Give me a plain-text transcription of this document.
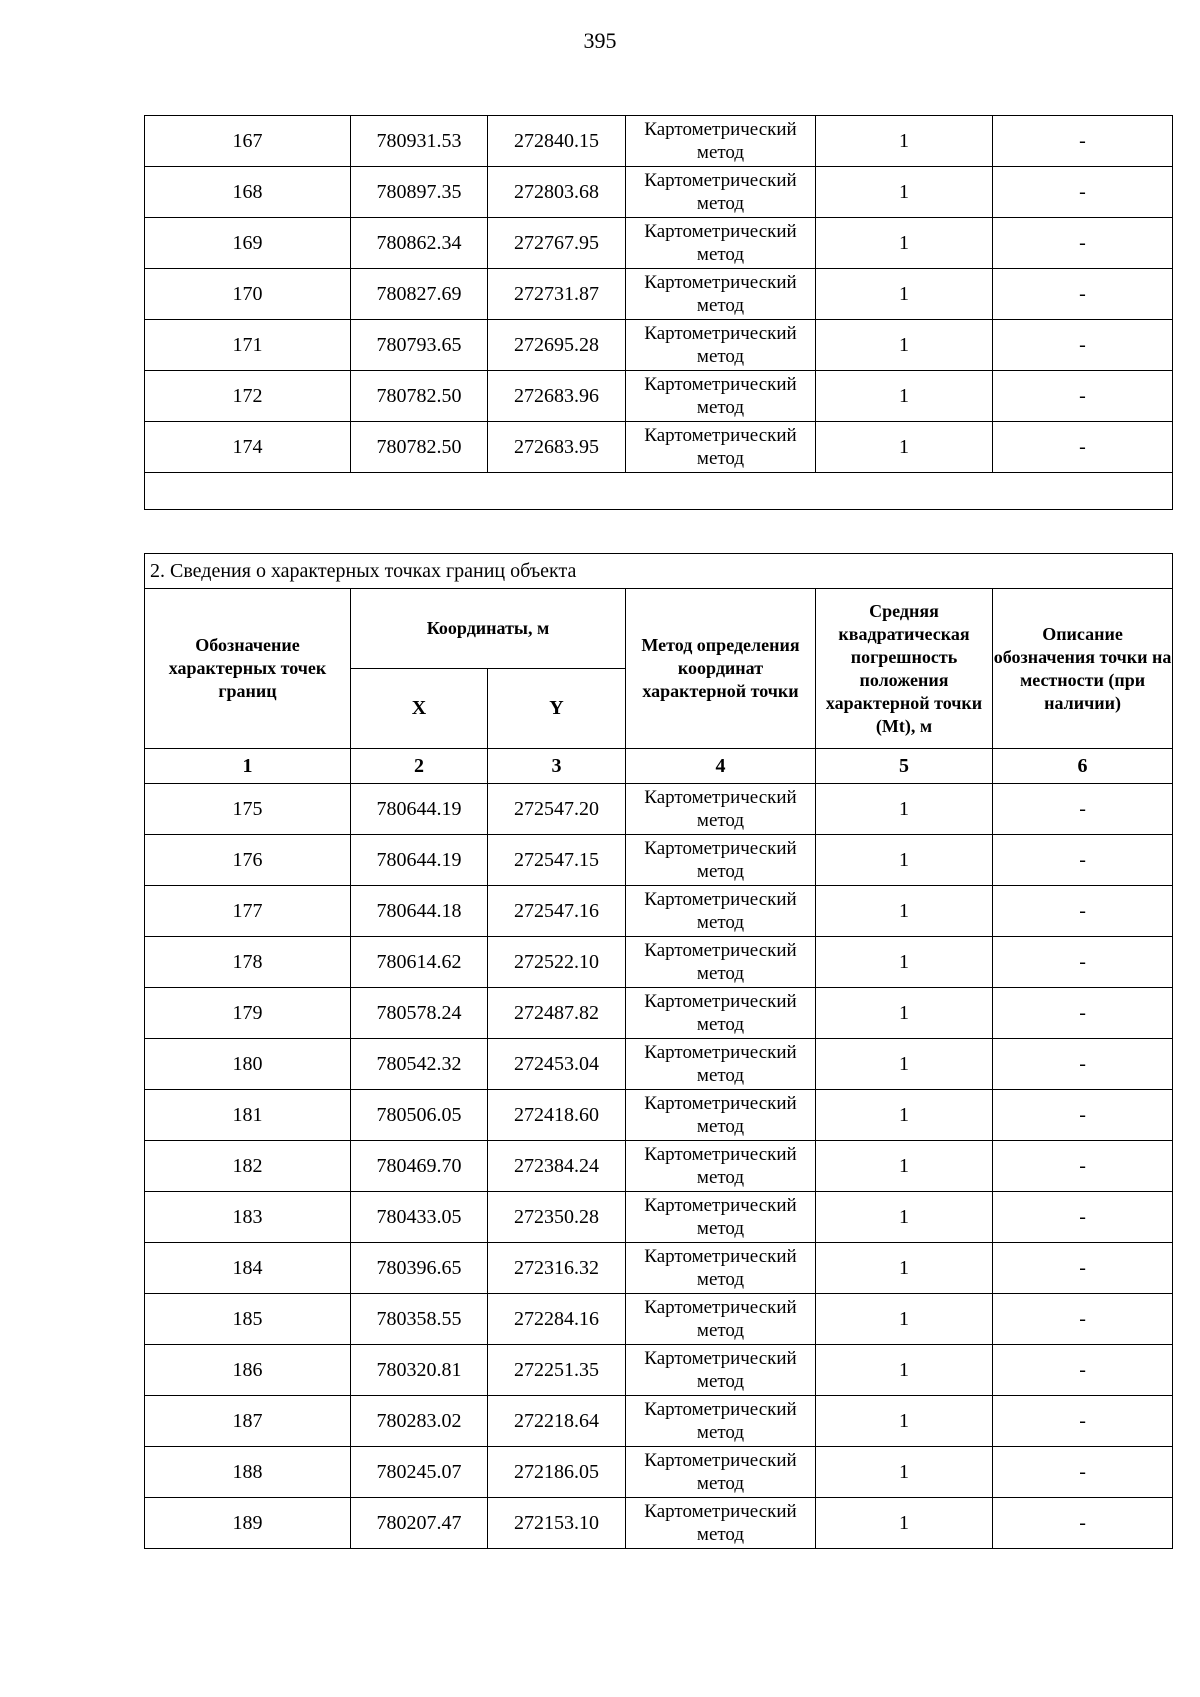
395
167	780931.53	272840.15	Картометрический метод	1	-
168	780897.35	272803.68	Картометрический метод	1	-
169	780862.34	272767.95	Картометрический метод	1	-
170	780827.69	272731.87	Картометрический метод	1	-
171	780793.65	272695.28	Картометрический метод	1	-
172	780782.50	272683.96	Картометрический метод	1	-
174	780782.50	272683.95	Картометрический метод	1	-

2. Сведения о характерных точках границ объекта					
Обозначение характерных точек границ	Координаты, м		Метод определения координат характерной точки	Средняя квадратическая погрешность положения характерной точки (Mt), м	Описание обозначения точки на местности (при наличии)
	X	Y			
1	2	3	4	5	6
175	780644.19	272547.20	Картометрический метод	1	-
176	780644.19	272547.15	Картометрический метод	1	-
177	780644.18	272547.16	Картометрический метод	1	-
178	780614.62	272522.10	Картометрический метод	1	-
179	780578.24	272487.82	Картометрический метод	1	-
180	780542.32	272453.04	Картометрический метод	1	-
181	780506.05	272418.60	Картометрический метод	1	-
182	780469.70	272384.24	Картометрический метод	1	-
183	780433.05	272350.28	Картометрический метод	1	-
184	780396.65	272316.32	Картометрический метод	1	-
185	780358.55	272284.16	Картометрический метод	1	-
186	780320.81	272251.35	Картометрический метод	1	-
187	780283.02	272218.64	Картометрический метод	1	-
188	780245.07	272186.05	Картометрический метод	1	-
189	780207.47	272153.10	Картометрический метод	1	-
